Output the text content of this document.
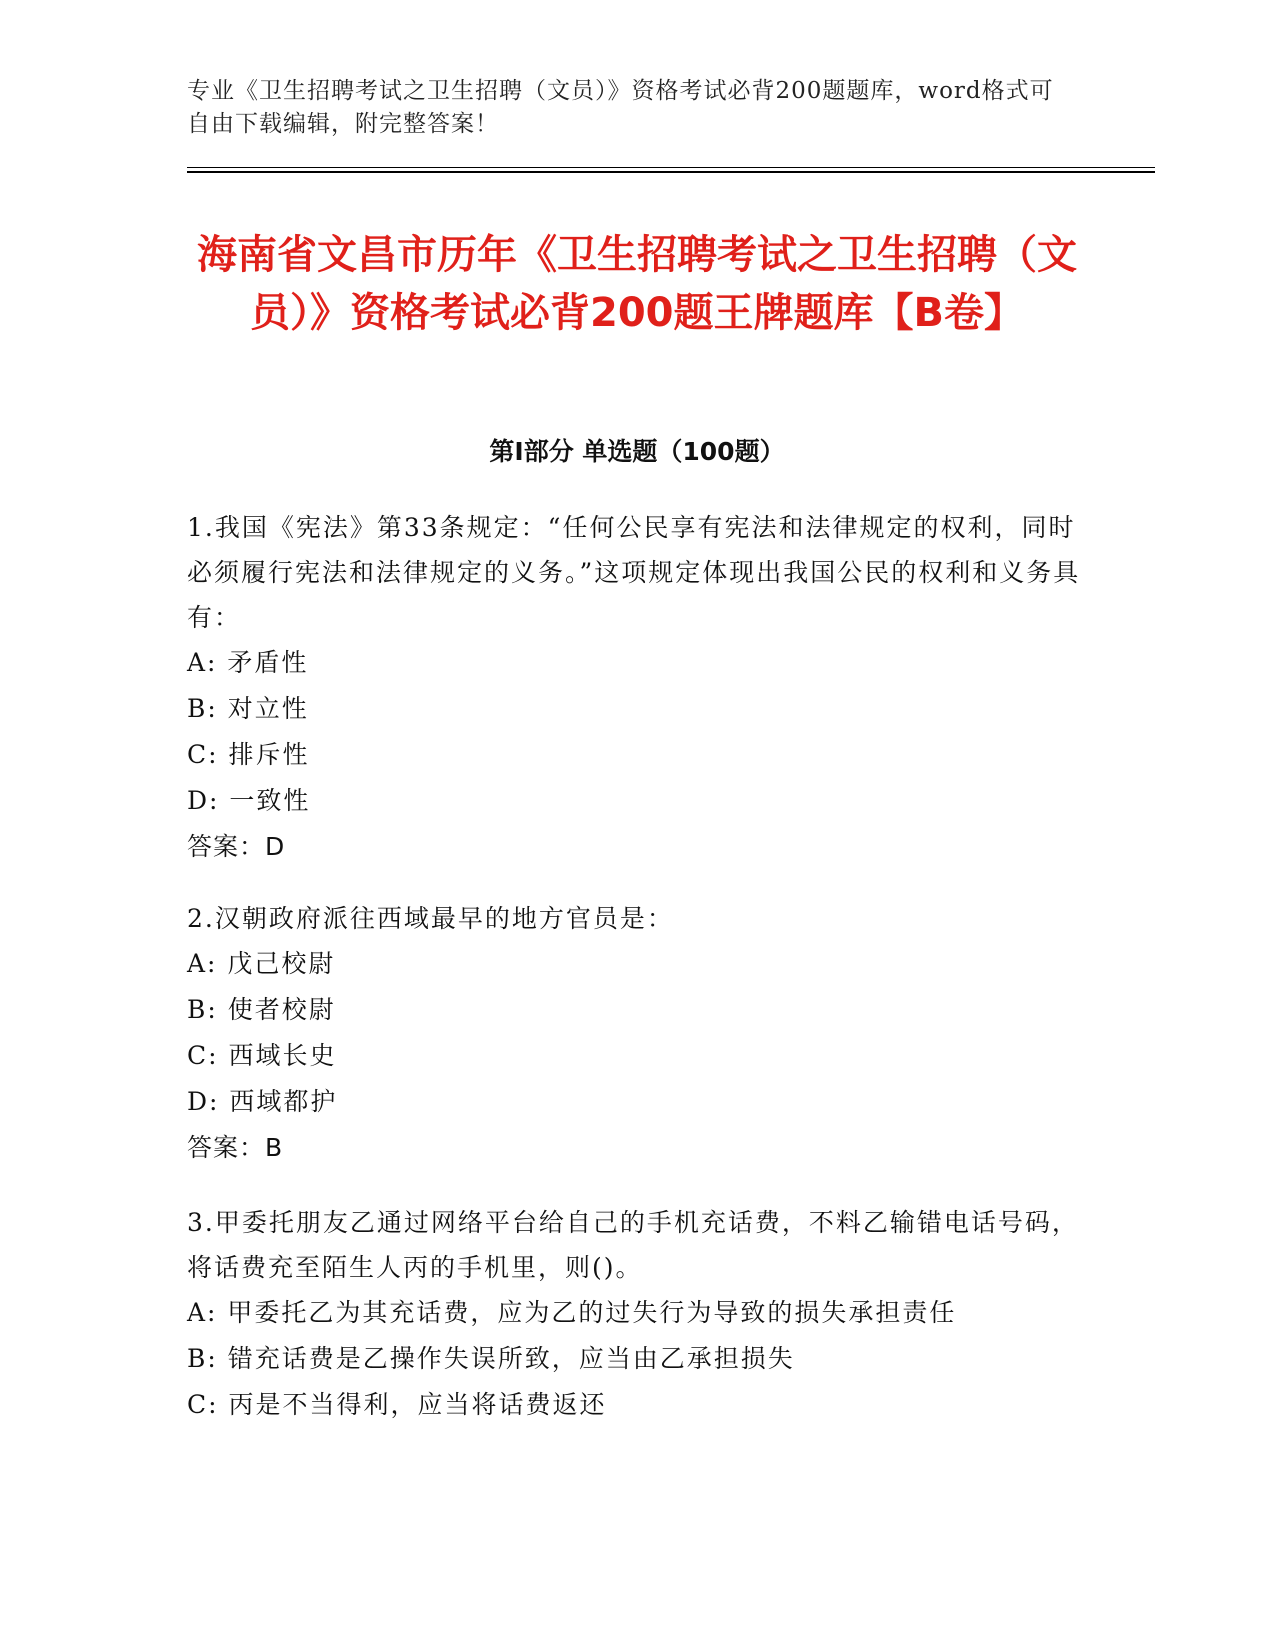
专业《卫生招聘考试之卫生招聘（文员）》资格考试必背200题题库，word格式可自由下载编辑，附完整答案！
海南省文昌市历年《卫生招聘考试之卫生招聘（文员）》资格考试必背200题王牌题库【B卷】
第I部分 单选题（100题）

1.我国《宪法》第33条规定：“任何公民享有宪法和法律规定的权利，同时必须履行宪法和法律规定的义务。”这项规定体现出我国公民的权利和义务具有：

A: 矛盾性

B: 对立性

C: 排斥性

D: 一致性

答案：D

2.汉朝政府派往西域最早的地方官员是：

A: 戊己校尉

B: 使者校尉

C: 西域长史

D: 西域都护

答案：B

3.甲委托朋友乙通过网络平台给自己的手机充话费，不料乙输错电话号码，将话费充至陌生人丙的手机里，则()。

A: 甲委托乙为其充话费，应为乙的过失行为导致的损失承担责任

B: 错充话费是乙操作失误所致，应当由乙承担损失

C: 丙是不当得利，应当将话费返还
